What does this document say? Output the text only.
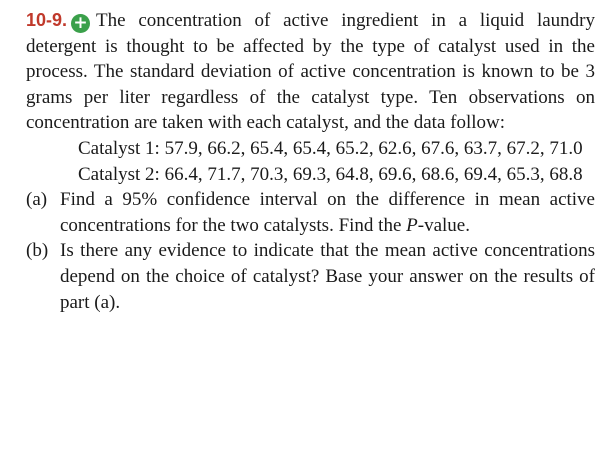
10-9. + The concentration of active ingredient in a liquid laundry detergent is thought to be affected by the type of catalyst used in the process. The standard deviation of active concentration is known to be 3 grams per liter regardless of the catalyst type. Ten observations on concentration are taken with each catalyst, and the data follow:
Catalyst 1: 57.9, 66.2, 65.4, 65.4, 65.2, 62.6, 67.6, 63.7, 67.2, 71.0
Catalyst 2: 66.4, 71.7, 70.3, 69.3, 64.8, 69.6, 68.6, 69.4, 65.3, 68.8
(a) Find a 95% confidence interval on the difference in mean active concentrations for the two catalysts. Find the P-value.
(b) Is there any evidence to indicate that the mean active concentrations depend on the choice of catalyst? Base your answer on the results of part (a).
